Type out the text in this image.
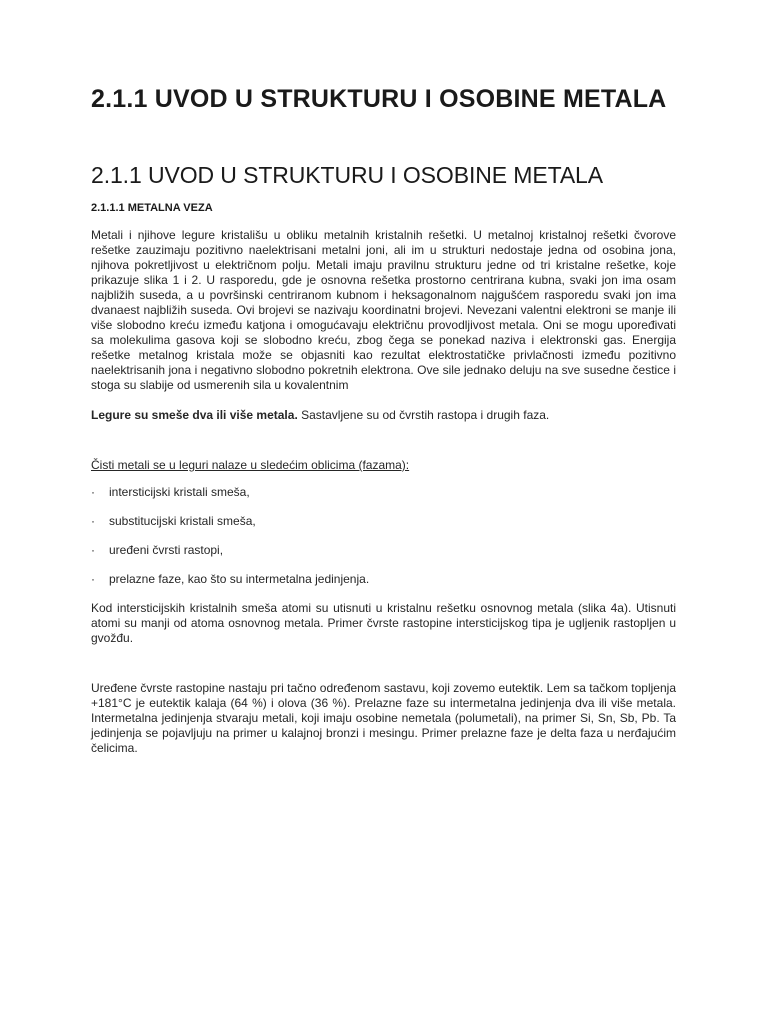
2.1.1 UVOD U STRUKTURU I OSOBINE METALA
2.1.1 UVOD U STRUKTURU I OSOBINE METALA
2.1.1.1 METALNA VEZA

Metali i njihove legure kristališu u obliku metalnih kristalnih rešetki. U metalnoj kristalnoj rešetki čvorove rešetke zauzimaju pozitivno naelektrisani metalni joni, ali im u strukturi nedostaje jedna od osobina jona, njihova pokretljivost u električnom polju. Metali imaju pravilnu strukturu jedne od tri kristalne rešetke, koje prikazuje slika 1 i 2. U rasporedu, gde je osnovna rešetka prostorno centrirana kubna, svaki jon ima osam najbližih suseda, a u površinski centriranom kubnom i heksagonalnom najgušćem rasporedu svaki jon ima dvanaest najbližih suseda. Ovi brojevi se nazivaju koordinatni brojevi. Nevezani valentni elektroni se manje ili više slobodno kreću između katjona i omogućavaju električnu provodljivost metala. Oni se mogu upoređivati sa molekulima gasova koji se slobodno kreću, zbog čega se ponekad naziva i elektronski gas. Energija rešetke metalnog kristala može se objasniti kao rezultat elektrostatičke privlačnosti između pozitivno naelektrisanih jona i negativno slobodno pokretnih elektrona. Ove sile jednako deluju na sve susedne čestice i stoga su slabije od usmerenih sila u kovalentnim

Legure su smeše dva ili više metala. Sastavljene su od čvrstih rastopa i drugih faza.

Čisti metali se u leguri nalaze u sledećim oblicima (fazama):

·	intersticijski kristali smeša,
·	substitucijski kristali smeša,
·	uređeni čvrsti rastopi,
·	prelazne faze, kao što su intermetalna jedinjenja.

Kod intersticijskih kristalnih smeša atomi su utisnuti u kristalnu rešetku osnovnog metala (slika 4a). Utisnuti atomi su manji od atoma osnovnog metala. Primer čvrste rastopine intersticijskog tipa je ugljenik rastopljen u gvožđu.

Uređene čvrste rastopine nastaju pri tačno određenom sastavu, koji zovemo eutektik. Lem sa tačkom topljenja +181°C je eutektik kalaja (64 %) i olova (36 %). Prelazne faze su intermetalna jedinjenja dva ili više metala. Intermetalna jedinjenja stvaraju metali, koji imaju osobine nemetala (polumetali), na primer Si, Sn, Sb, Pb. Ta jedinjenja se pojavljuju na primer u kalajnoj bronzi i mesingu. Primer prelazne faze je delta faza u nerđajućim čelicima.
